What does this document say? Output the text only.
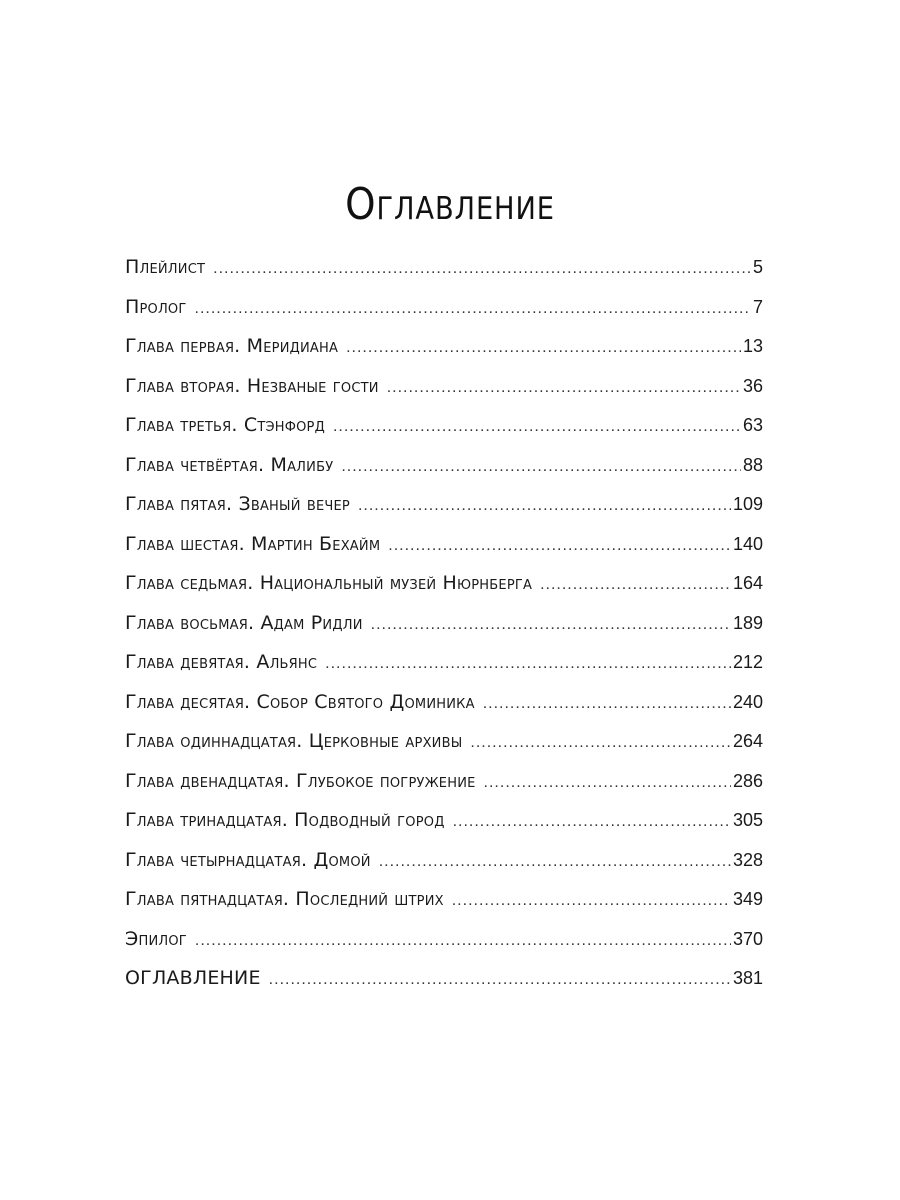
Оглавление
Плейлист .....	5
Пролог .....	7
Глава первая. Меридиана .....	13
Глава вторая. Незваные гости .....	36
Глава третья. Стэнфорд .....	63
Глава четвёртая. Малибу .....	88
Глава пятая. Званый вечер .....	109
Глава шестая. Мартин Бехайм .....	140
Глава седьмая. Национальный музей Нюрнберга .....	164
Глава восьмая. Адам Ридли .....	189
Глава девятая. Альянс .....	212
Глава десятая. Собор Святого Доминика .....	240
Глава одиннадцатая. Церковные архивы .....	264
Глава двенадцатая. Глубокое погружение .....	286
Глава тринадцатая. Подводный город .....	305
Глава четырнадцатая. Домой .....	328
Глава пятнадцатая. Последний штрих .....	349
Эпилог .....	370
ОГЛАВЛЕНИЕ .....	381
